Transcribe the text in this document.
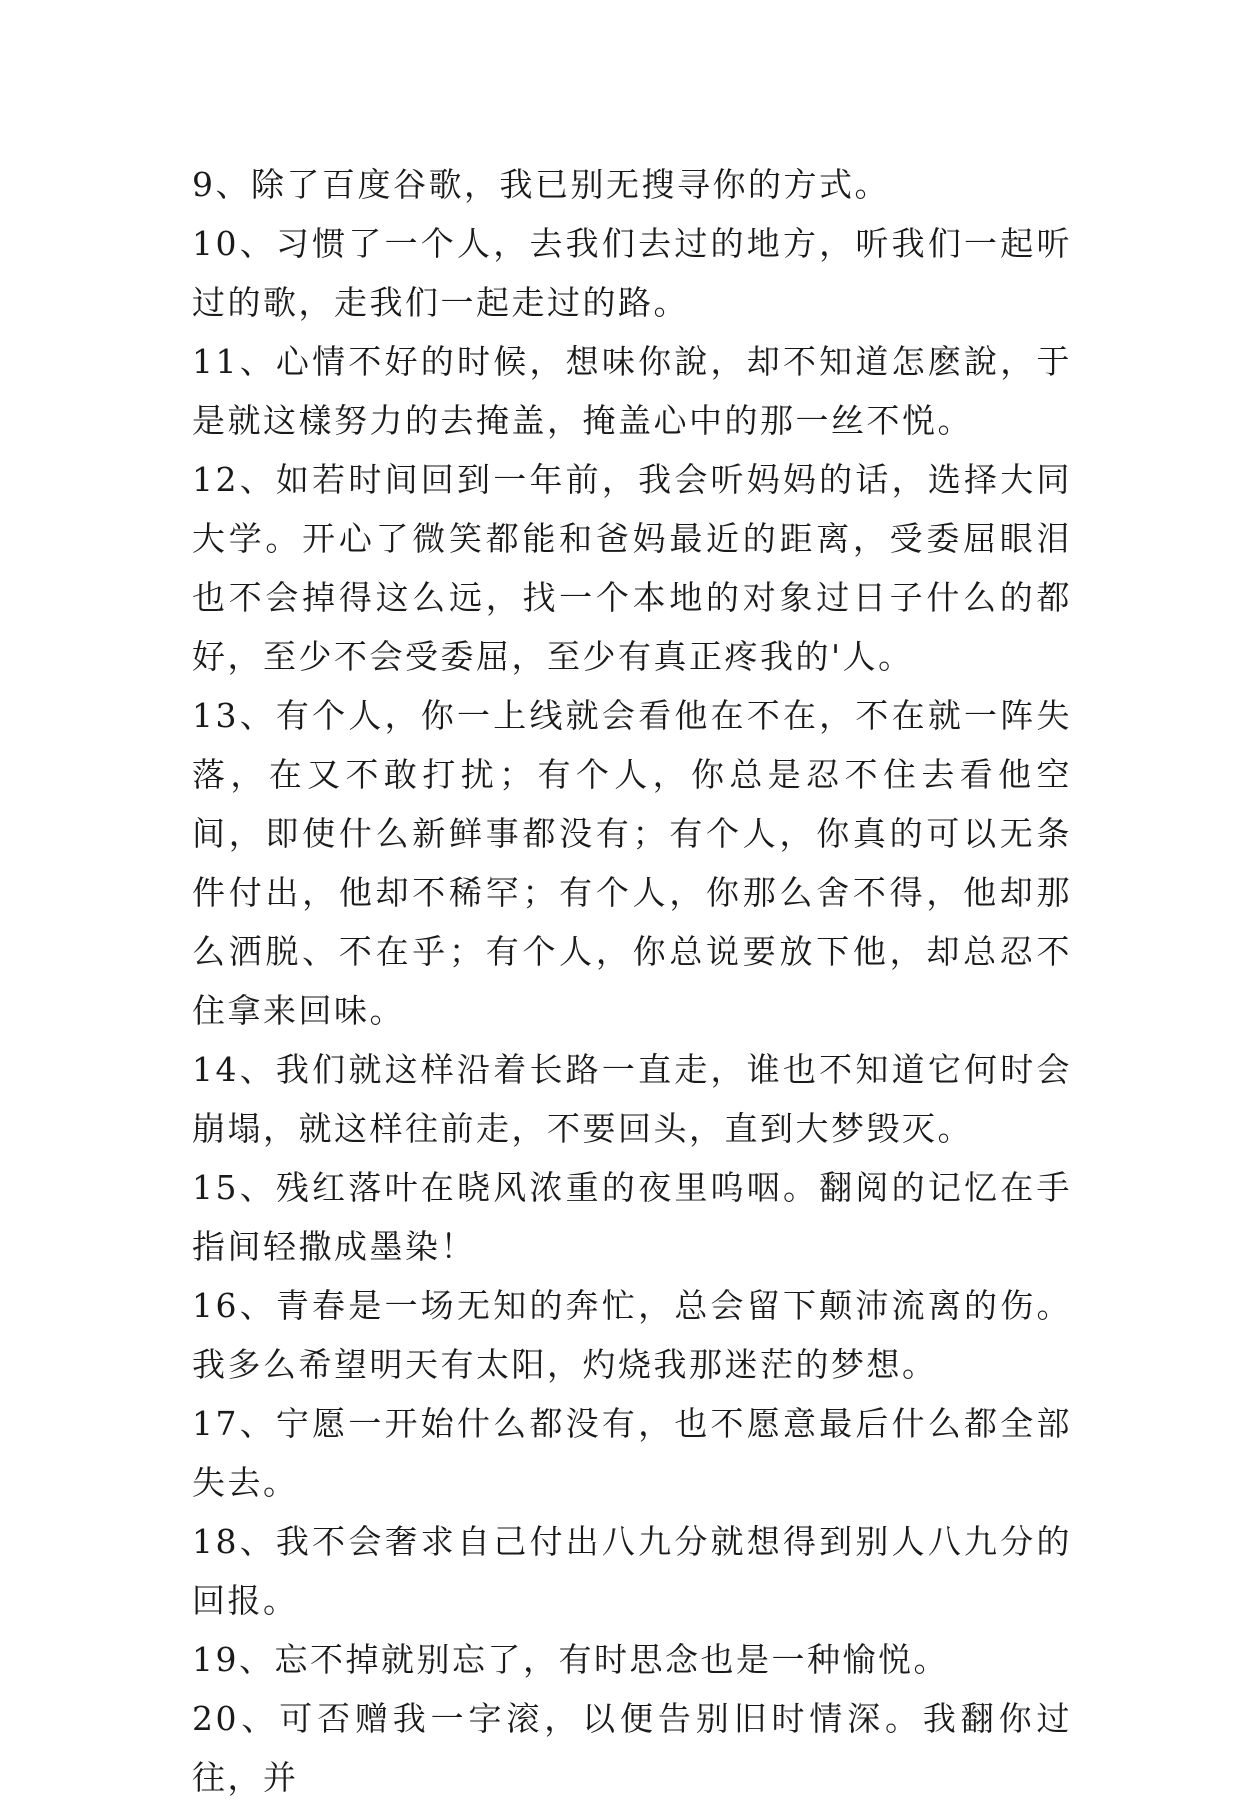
9、除了百度谷歌，我已别无搜寻你的方式。

10、习惯了一个人，去我们去过的地方，听我们一起听过的歌，走我们一起走过的路。

11、心情不好的时候，想味你說，却不知道怎麽說，于是就这樣努力的去掩盖，掩盖心中的那一丝不悦。

12、如若时间回到一年前，我会听妈妈的话，选择大同大学。开心了微笑都能和爸妈最近的距离，受委屈眼泪也不会掉得这么远，找一个本地的对象过日子什么的都好，至少不会受委屈，至少有真正疼我的'人。

13、有个人，你一上线就会看他在不在，不在就一阵失落，在又不敢打扰；有个人，你总是忍不住去看他空间，即使什么新鲜事都没有；有个人，你真的可以无条件付出，他却不稀罕；有个人，你那么舍不得，他却那么洒脱、不在乎；有个人，你总说要放下他，却总忍不住拿来回味。

14、我们就这样沿着长路一直走，谁也不知道它何时会崩塌，就这样往前走，不要回头，直到大梦毁灭。

15、残红落叶在晓风浓重的夜里呜咽。翻阅的记忆在手指间轻撒成墨染！

16、青春是一场无知的奔忙，总会留下颠沛流离的伤。我多么希望明天有太阳，灼烧我那迷茫的梦想。

17、宁愿一开始什么都没有，也不愿意最后什么都全部失去。

18、我不会奢求自己付出八九分就想得到别人八九分的回报。

19、忘不掉就别忘了，有时思念也是一种愉悦。

20、可否赠我一字滚，以便告别旧时情深。我翻你过往，并
